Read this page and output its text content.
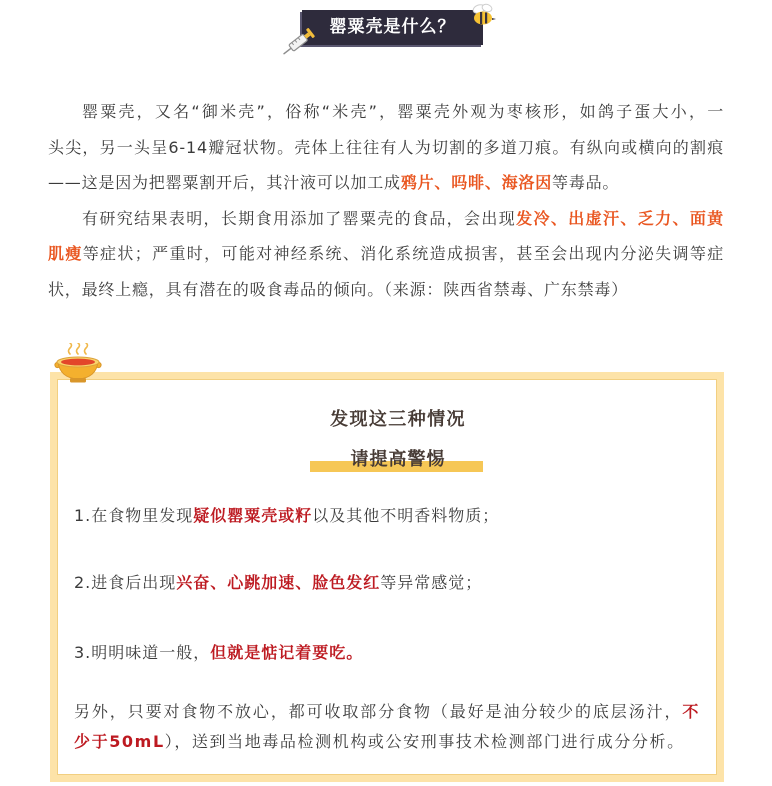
罂粟壳是什么？
罂粟壳，又名“御米壳”，俗称“米壳”，罂粟壳外观为枣核形，如鸽子蛋大小，一
头尖，另一头呈6-14瓣冠状物。壳体上往往有人为切割的多道刀痕。有纵向或横向的割痕
——这是因为把罂粟割开后，其汁液可以加工成鸦片、吗啡、海洛因等毒品。
有研究结果表明，长期食用添加了罂粟壳的食品，会出现发冷、出虚汗、乏力、面黄
肌瘦等症状；严重时，可能对神经系统、消化系统造成损害，甚至会出现内分泌失调等症
状，最终上瘾，具有潜在的吸食毒品的倾向。（来源：陕西省禁毒、广东禁毒）
发现这三种情况
请提高警惕
1.在食物里发现疑似罂粟壳或籽以及其他不明香料物质；
2.进食后出现兴奋、心跳加速、脸色发红等异常感觉；
3.明明味道一般，但就是惦记着要吃。
另外，只要对食物不放心，都可收取部分食物（最好是油分较少的底层汤汁，不
少于50mL），送到当地毒品检测机构或公安刑事技术检测部门进行成分分析。
